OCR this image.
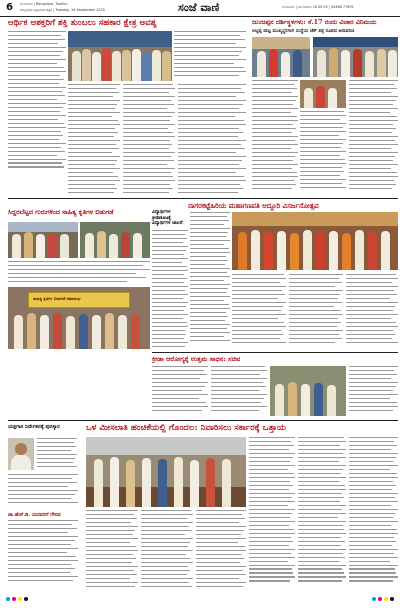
6 ಬೆಂಗಳೂರು | Bangalore, Tumkur
ನಮ್ಮನಾಡಿನ ಅಕ್ಷರದೀಪ ಪತ್ರಿಕೆ | Tuesday, 16 September 2025	ಸಂಜೆ ವಾಣಿ	ಬೆಂಗಳೂರು | ಮಂಗಳವಾರ 16.09.25 | 04466 77892
ಆರ್ಥಿಕ ಆಶಕ್ತರಿಗೆ ಶಕ್ತಿ ತುಂಬಲು ಸಹಕಾರ ಕ್ಷೇತ್ರ ಅವಶ್ಯ	ಜುಂಜಪ್ಪನ ದರ್ಶಿಸ್ಥಳಗಳು: ಸೆ.17 ರಂದು ವಿಚಾರ ವಿನಿಮಯ
ಆಜ್ಜಪ್ಪ ವಾಜ್ಞ ಮುಖ್ಯಸ್ಥರಿಗಾಗಿ ಸಂಸ್ಥೆಯ ಚೆಕ್ ಪತ್ರ ರೂಪದ ಅನಾವರಣ
ನಾಗರಕಟ್ಟೆಹಿರಿಯ ಮಹಾಗಣಪತಿ ಆದ್ದೂರಿ ವಿಸರ್ಜನೋತ್ಸವ
ಸಿದ್ದರಬೆಟ್ಟದ ಗುರುಗಳಿಂದ ಸಾಹಿತ್ಯ ಕೃತಿಗಳ ಬಿಡುಗಡೆ	ವಿದ್ಯಾರ್ಥಿಗಳ ಕ್ರೀಡಾಕೂಟಕ್ಕೆ ವಿದ್ಯಾರ್ಥಿಗಳ ಚಾಲನೆ
ಸಾಹಿತ್ಯ ಕೃತಿಗಳ ಬಿಡುಗಡೆ ಸಮಾರಂಭ
ಕ್ರೀಡಾ ಆರೋಗ್ಯಕ್ಕೆ ಉತ್ತಮ ಸಾಧನ: ಸಚಿವ
ಯಕ್ಷಗಾನ ನಿರ್ದೇಶನಕ್ಕೆ ಪುರಸ್ಕಾರ	ಒಳ ಮೀಸಲಾತಿ ಹಂಚಿಕೆಯಲ್ಲಿ ಗೊಂದಲ: ನಿವಾರಿಸಲು ಸರ್ಕಾರಕ್ಕೆ ಒತ್ತಾಯ
ಡಾ.ಹೆಚ್.ಡಿ. ಯರವರಿಗೆ ಗೌರವ
